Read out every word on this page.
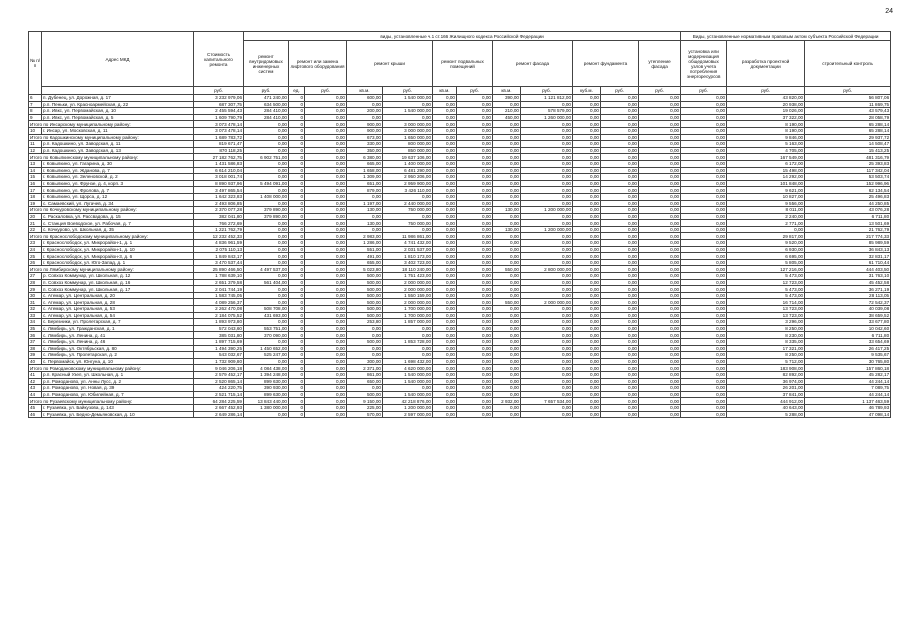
24
№ п/п	Адрес МКД	Стоимость капитального ремонта	виды, установленные ч.1 ст.166 Жилищного кодекса Российской Федерации												Виды, установленные нормативным правовым актом субъекта Российской Федерации		
			ремонт внутридомовых инженерных систем	ремонт или замена лифтового оборудования		ремонт крыши		ремонт подвальных помещений		ремонт фасада		ремонт фундамента		утепление фасада	установка или модернизация общедомовых узлов учета потребления энергоресурсов	разработка проектной документации	строительный контроль
		руб.	руб.	ед.	руб.	кв.м.	руб.	кв.м.	руб.	кв.м.	руб.	куб.м.	руб.	руб.	руб.	руб.	руб.
6	п. Дубенец, ул. Дорожная, д. 17	3 232 979,06	471 240,00	0	0,00	600,00	1 540 000,00	0,00	0,00	390,00	1 121 812,00	0,00	0,00	0,00	0,00	43 820,00	56 807,06
7	р.п. Пеньки, ул. Красноармейская, д. 22	687 307,75	634 500,00	0	0,00	0,00	0,00	0,00	0,00	0,00	0,00	0,00	0,00	0,00	0,00	20 938,00	11 869,75
8	р.п. Ивкс, ул. Первомайская, д. 10	2 455 594,43	284 410,00	0	0,00	200,00	1 540 000,00	0,00	0,00	210,00	578 579,00	0,00	0,00	0,00	0,00	19 026,00	43 579,43
9	р.п. Ивкс, ул. Первомайская, д. 5	1 609 790,79	284 410,00	0	0,00	0,00	0,00	0,00	0,00	450,00	1 260 000,00	0,00	0,00	0,00	0,00	37 322,00	28 058,79
Итого по Инсарскому муниципальному району:		3 073 478,14	0,00	0	0,00	900,00	3 000 000,00	0,00	0,00	0,00	0,00	0,00	0,00	0,00	0,00	8 190,00	65 288,14
10	г. Инсар, ул. Московская, д. 11	3 073 478,14	0,00	0	0,00	900,00	3 000 000,00	0,00	0,00	0,00	0,00	0,00	0,00	0,00	0,00	8 190,00	65 288,14
Итого по Кадошкинскому муниципальному району:		1 689 783,72	0,00	0	0,00	673,00	1 650 000,00	0,00	0,00	0,00	0,00	0,00	0,00	0,00	0,00	9 846,00	29 937,72
11	р.п. Кадошкино, ул. Заводская, д. 11	819 671,47	0,00	0	0,00	330,00	800 000,00	0,00	0,00	0,00	0,00	0,00	0,00	0,00	0,00	5 163,00	14 508,47
12	р.п. Кадошкино, ул. Заводская, д. 13	870 118,25	0,00	0	0,00	350,00	850 000,00	0,00	0,00	0,00	0,00	0,00	0,00	0,00	0,00	4 705,00	15 413,25
Итого по Ковылкинскому муниципальному району:		27 182 762,75	6 902 751,00	0	0,00	6 380,00	19 637 106,00	0,00	0,00	0,00	0,00	0,00	0,00	0,00	0,00	167 549,00	481 316,79
13	г. Ковылкино, ул. Гагарина, д. 30	1 431 586,83	0,00	0	0,00	665,00	1 400 000,00	0,00	0,00	0,00	0,00	0,00	0,00	0,00	0,00	6 172,00	25 393,83
14	г. Ковылкино, ул. Жданова, д. 7	6 614 210,04	0,00	0	0,00	1 658,00	6 481 290,00	0,00	0,00	0,00	0,00	0,00	0,00	0,00	0,00	15 498,00	117 342,04
15	г. Ковылкино, ул. Зеленовской, д. 2	3 018 001,74	0,00	0	0,00	1 309,00	2 950 206,00	0,00	0,00	0,00	0,00	0,00	0,00	0,00	0,00	14 292,00	53 503,74
16	г. Ковылкино, ул. Фрунзе, д. 4, корп. 3	8 890 937,96	5 494 091,00	0	0,00	651,00	2 959 900,00	0,00	0,00	0,00	0,00	0,00	0,00	0,00	0,00	101 848,00	152 996,96
17	г. Ковылкино, ул. Фролова, д. 7	3 497 865,54	0,00	0	0,00	879,00	3 426 110,00	0,00	0,00	0,00	0,00	0,00	0,00	0,00	0,00	9 621,00	62 134,54
18	г. Ковылкино, ул. Щорса, д. 12	1 642 323,83	1 408 000,00	0	0,00	0,00	0,00	0,00	0,00	0,00	0,00	0,00	0,00	0,00	0,00	10 827,00	25 496,83
19	с. Самаевский, ул. Лугачев, д. 34	2 493 806,85	0,00	0	0,00	1 197,00	2 440 000,00	0,00	0,00	0,00	0,00	0,00	0,00	0,00	0,00	9 556,00	44 250,85
Итого по Кочкуровскому муниципальному району:		2 370 077,28	379 890,00	0	0,00	130,00	750 000,00	0,00	0,00	130,00	1 200 000,00	0,00	0,00	0,00	0,00	8 011,00	43 076,28
20	с. Раскаловка, ул. Рассвадова, д. 15	382 041,80	379 890,00	0	0,00	0,00	0,00	0,00	0,00	0,00	0,00	0,00	0,00	0,00	0,00	2 240,00	6 711,80
21	с. Станция Воеводское, ул. Рабочая, д. 7	766 272,69	0,00	0	0,00	130,00	750 000,00	0,00	0,00	0,00	0,00	0,00	0,00	0,00	0,00	2 771,00	13 501,69
22	с. Кочкурово, ул. Школьная, д. 35	1 221 762,79	0,00	0	0,00	0,00	0,00	0,00	0,00	130,00	1 200 000,00	0,00	0,00	0,00	0,00	0,00	21 762,79
Итого по Краснослободскому муниципальному району:		12 232 452,33	0,00	0	0,00	2 983,00	11 986 861,00	0,00	0,00	0,00	0,00	0,00	0,00	0,00	0,00	29 817,00	217 774,33
23	г. Краснослободск, ул. Микрорайон-1, д. 1	4 836 961,59	0,00	0	0,00	1 286,00	4 741 432,00	0,00	0,00	0,00	0,00	0,00	0,00	0,00	0,00	9 520,00	85 989,59
24	г. Краснослободск, ул. Микрорайон-1, д. 10	2 075 110,13	0,00	0	0,00	551,00	2 031 537,00	0,00	0,00	0,00	0,00	0,00	0,00	0,00	0,00	6 930,00	36 843,13
25	г. Краснослободск, ул. Микрорайон-3, д. 6	1 849 843,17	0,00	0	0,00	491,00	1 810 173,00	0,00	0,00	0,00	0,00	0,00	0,00	0,00	0,00	6 695,00	32 831,17
26	г. Краснослободск, ул. Юго-Запад, д. 1	3 470 537,44	0,00	0	0,00	655,00	3 402 723,00	0,00	0,00	0,00	0,00	0,00	0,00	0,00	0,00	5 805,00	61 710,44
Итого по Лямбирскому муниципальному району:		25 890 466,50	4 497 537,00	0	0,00	5 023,80	18 110 240,00	0,00	0,00	550,00	2 800 000,00	0,00	0,00	0,00	0,00	127 216,00	444 403,50
27	р. Совхоз Коммунар, ул. Школьная, д. 12	1 788 639,10	0,00	0	0,00	500,00	1 751 423,00	0,00	0,00	0,00	0,00	0,00	0,00	0,00	0,00	5 473,00	31 763,10
28	п. Совхоз Коммунар, ул. Школьная, д. 16	2 651 379,58	561 404,00	0	0,00	500,00	2 000 000,00	0,00	0,00	0,00	0,00	0,00	0,00	0,00	0,00	12 723,00	45 452,58
29	п. Совхоз Коммунар, ул. Школьная, д. 17	2 041 744,19	0,00	0	0,00	500,00	2 000 000,00	0,00	0,00	0,00	0,00	0,00	0,00	0,00	0,00	5 473,00	36 271,19
30	с. Атемар, ул. Центральная, д. 20	1 583 745,05	0,00	0	0,00	500,00	1 550 159,00	0,00	0,00	0,00	0,00	0,00	0,00	0,00	0,00	5 473,00	28 113,05
31	с. Атемар, ул. Центральная, д. 28	4 089 256,37	0,00	0	0,00	500,00	2 000 000,00	0,00	0,00	550,00	2 000 000,00	0,00	0,00	0,00	0,00	16 714,00	72 542,37
32	с. Атемар, ул. Центральная, д. 53	2 262 470,08	508 708,00	0	0,00	500,00	1 700 000,00	0,00	0,00	0,00	0,00	0,00	0,00	0,00	0,00	13 723,00	40 039,08
33	с. Атемар, ул. Центральная, д. 54	2 184 075,52	431 693,00	0	0,00	500,00	1 700 000,00	0,00	0,00	0,00	0,00	0,00	0,00	0,00	0,00	13 723,00	38 659,52
34	с. Березники, ул. Пролетарская, д. 7	1 893 973,80	0,00	0	0,00	253,80	1 857 000,00	0,00	0,00	0,00	0,00	0,00	0,00	0,00	0,00	3 296,00	33 677,80
35	с. Лямбирь, ул. Гражданская, д. 1	572 043,60	553 751,00	0	0,00	0,00	0,00	0,00	0,00	0,00	0,00	0,00	0,00	0,00	0,00	8 250,00	10 042,60
36	с. Лямбирь, ул. Ленина, д. 41	385 031,80	370 090,00	0	0,00	0,00	0,00	0,00	0,00	0,00	0,00	0,00	0,00	0,00	0,00	8 230,00	6 711,80
37	с. Лямбирь, ул. Ленина, д. 46	1 897 715,69	0,00	0	0,00	500,00	1 853 728,00	0,00	0,00	0,00	0,00	0,00	0,00	0,00	0,00	8 335,00	33 654,69
38	с. Лямбирь, ул. Октябрьская, д. 80	1 494 390,25	1 450 652,00	0	0,00	0,00	0,00	0,00	0,00	0,00	0,00	0,00	0,00	0,00	0,00	17 321,00	26 417,25
39	с. Лямбирь, ул. Пролетарская, д. 2	543 032,67	525 247,00	0	0,00	0,00	0,00	0,00	0,00	0,00	0,00	0,00	0,00	0,00	0,00	8 250,00	9 535,67
40	с. Первомайск, ул. Юнгуна, д. 10	1 732 909,80	0,00	0	0,00	300,00	1 698 432,00	0,00	0,00	0,00	0,00	0,00	0,00	0,00	0,00	5 712,00	30 765,80
Итого по Ромодановскому муниципальному району:		9 046 206,18	4 084 438,00	0	0,00	2 371,00	4 620 000,00	0,00	0,00	0,00	0,00	0,00	0,00	0,00	0,00	183 908,00	157 860,18
41	р.п. Красный Узел, ул. Школьная, д. 1	2 579 452,17	1 394 248,00	0	0,00	861,00	1 540 000,00	0,00	0,00	0,00	0,00	0,00	0,00	0,00	0,00	82 892,00	45 282,17
42	р.п. Ромоданово, ул. Анны Лусс, д. 2	2 520 865,14	899 630,00	0	0,00	650,00	1 540 000,00	0,00	0,00	0,00	0,00	0,00	0,00	0,00	0,00	36 974,00	44 244,14
43	р.п. Ромоданово, ул. Новая, д. 39	424 220,75	390 930,00	0	0,00	0,00	0,00	0,00	0,00	0,00	0,00	0,00	0,00	0,00	0,00	26 201,00	7 089,75
44	р.п. Ромоданово, ул. Юбилейная, д. 7	2 521 715,14	899 630,00	0	0,00	500,00	1 540 000,00	0,00	0,00	0,00	0,00	0,00	0,00	0,00	0,00	37 841,00	44 244,14
Итого по Рузаевскому муниципальному району:		64 284 225,59	13 843 440,00	0	0,00	9 150,00	42 218 876,00	0,00	0,00	2 932,00	7 657 534,00	0,00	0,00	0,00	0,00	444 912,00	1 137 463,59
45	г. Рузаевка, ул. Байкузова, д. 143	2 667 452,93	1 380 000,00	0	0,00	225,00	1 200 000,00	0,00	0,00	0,00	0,00	0,00	0,00	0,00	0,00	40 643,00	46 789,93
46	г. Рузаевка, ул. Бедно-Демьяновская, д. 10	2 649 286,14	0,00	0	0,00	570,00	2 597 000,00	0,00	0,00	0,00	0,00	0,00	0,00	0,00	0,00	5 288,00	47 098,14
